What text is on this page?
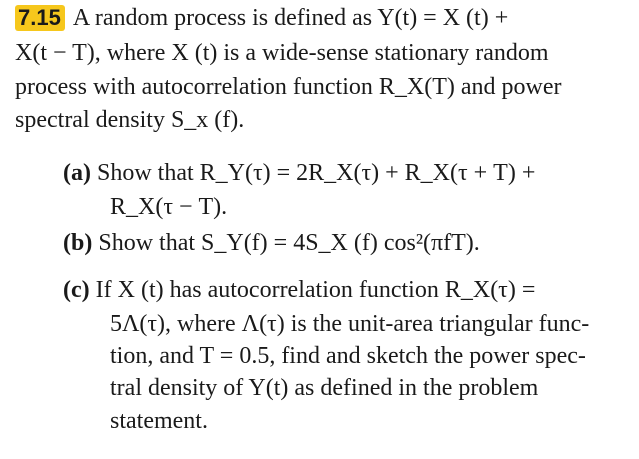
7.15 A random process is defined as Y(t) = X (t) +
X(t − T), where X (t) is a wide-sense stationary random
process with autocorrelation function R_X(T) and power
spectral density S_x (f).
(a) Show that R_Y(τ) = 2R_X(τ) + R_X(τ + T) +
R_X(τ − T).
(b) Show that S_Y(f) = 4S_X (f) cos²(πfT).
(c) If X (t) has autocorrelation function R_X(τ) =
5Λ(τ), where Λ(τ) is the unit-area triangular func-
tion, and T = 0.5, find and sketch the power spec-
tral density of Y(t) as defined in the problem
statement.
